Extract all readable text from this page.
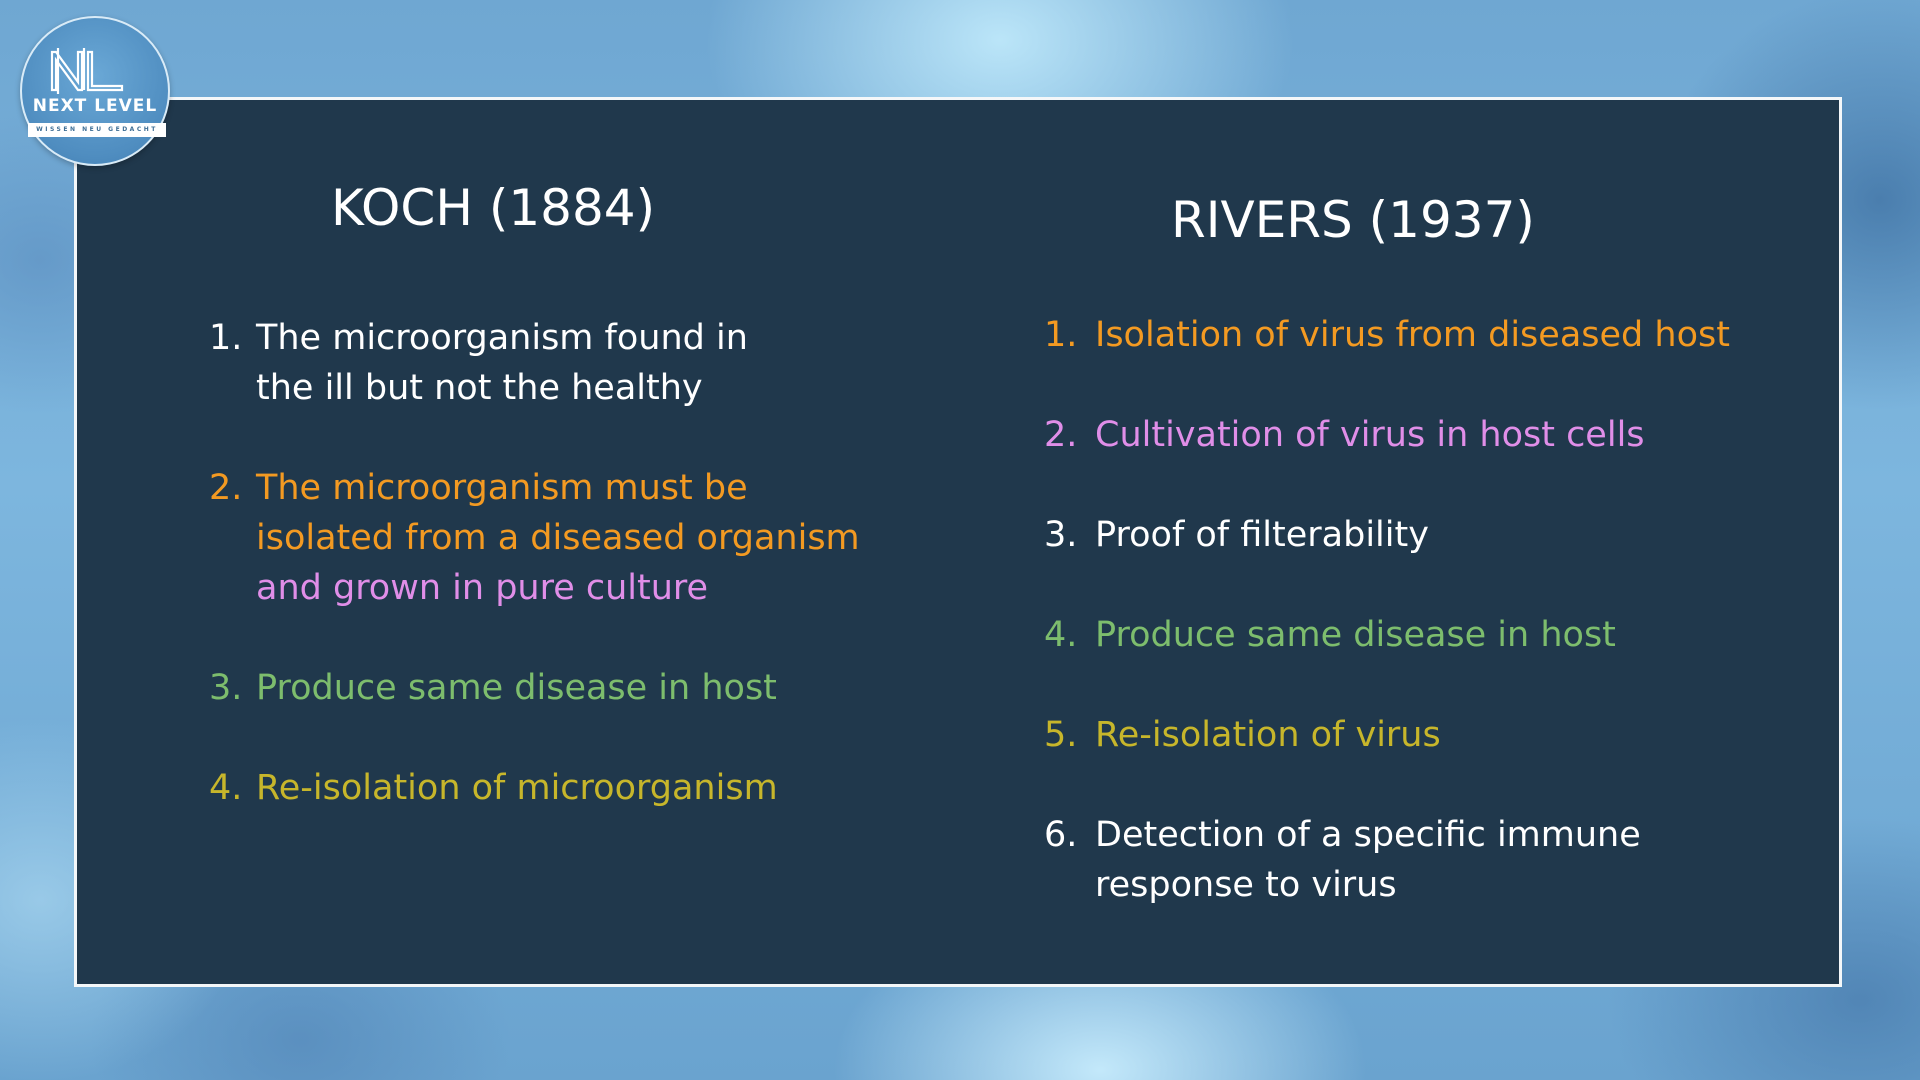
NEXT LEVEL
WISSEN NEU GEDACHT
KOCH (1884)
1. The microorganism found in
the ill but not the healthy
2. The microorganism must be
isolated from a diseased organism
and grown in pure culture
3. Produce same disease in host
4. Re-isolation of microorganism
RIVERS (1937)
1. Isolation of virus from diseased host
2. Cultivation of virus in host cells
3. Proof of filterability
4. Produce same disease in host
5. Re-isolation of virus
6. Detection of a specific immune
response to virus
